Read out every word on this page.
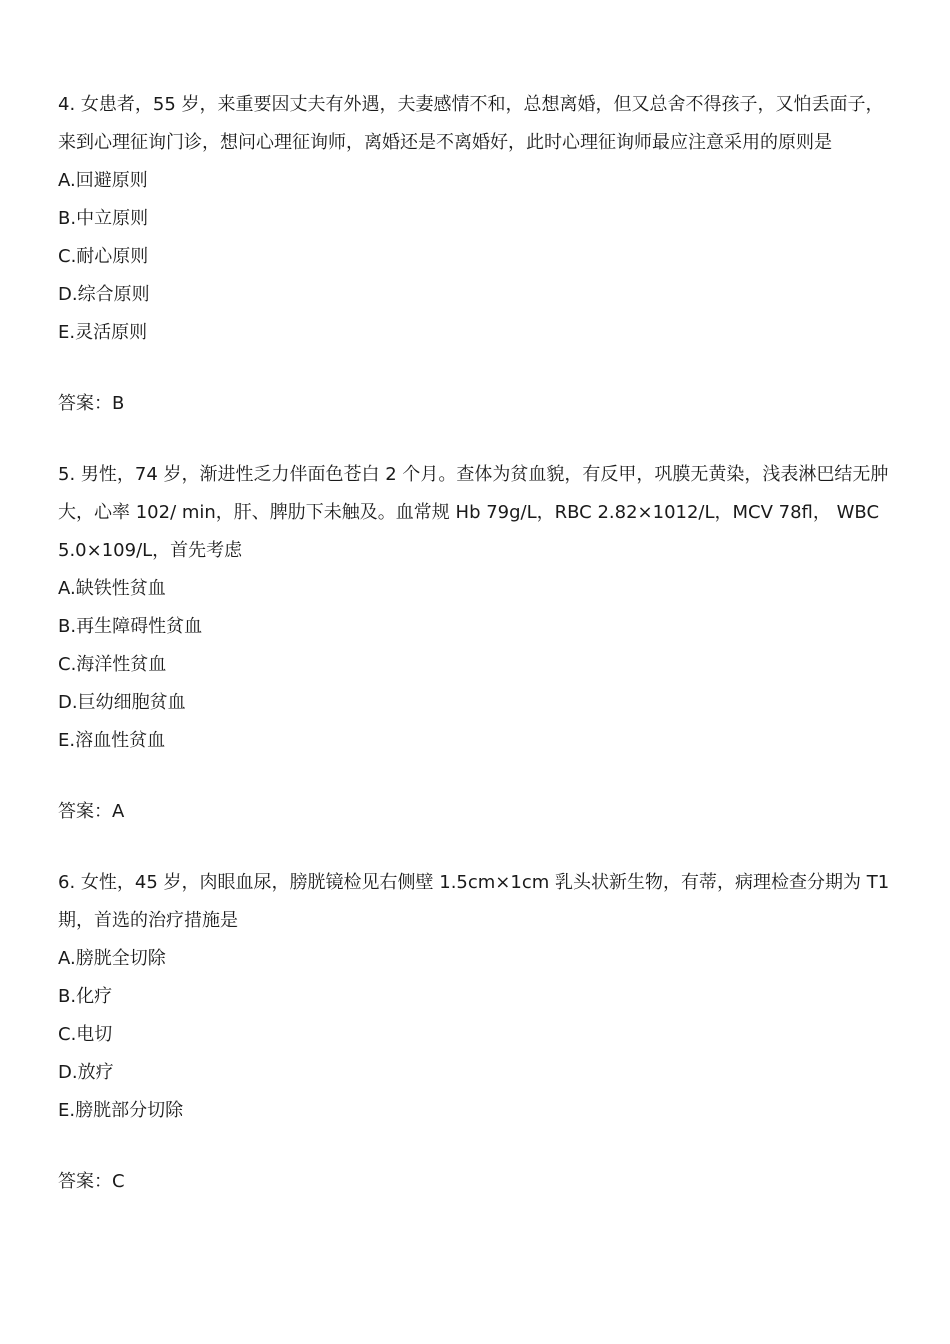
4. 女患者，55 岁，来重要因丈夫有外遇，夫妻感情不和，总想离婚，但又总舍不得孩子，又怕丢面子，来到心理征询门诊，想问心理征询师，离婚还是不离婚好，此时心理征询师最应注意采用的原则是

A.回避原则
B.中立原则
C.耐心原则
D.综合原则
E.灵活原则
答案：B

5. 男性，74 岁，渐进性乏力伴面色苍白 2 个月。查体为贫血貌，有反甲，巩膜无黄染，浅表淋巴结无肿大，心率 102/ min，肝、脾肋下未触及。血常规 Hb 79g/L，RBC 2.82×1012/L，MCV 78fl， WBC 5.0×109/L，首先考虑

A.缺铁性贫血
B.再生障碍性贫血
C.海洋性贫血
D.巨幼细胞贫血
E.溶血性贫血
答案：A

6. 女性，45 岁，肉眼血尿，膀胱镜检见右侧壁 1.5cm×1cm 乳头状新生物，有蒂，病理检查分期为 T1 期，首选的治疗措施是

A.膀胱全切除
B.化疗
C.电切
D.放疗
E.膀胱部分切除
答案：C
